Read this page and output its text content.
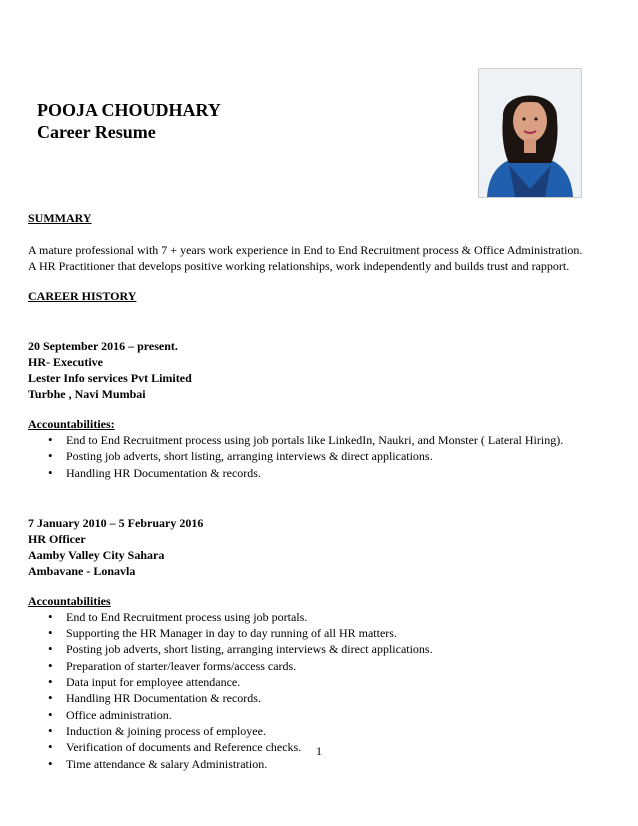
POOJA CHOUDHARY
Career Resume
SUMMARY
A mature professional with 7 + years work experience in End to End Recruitment process & Office Administration.
A HR Practitioner that develops positive working relationships, work independently and builds trust and rapport.
CAREER HISTORY
20 September 2016 – present.
HR- Executive
Lester Info services Pvt Limited
Turbhe , Navi Mumbai
Accountabilities:
• End to End Recruitment process using job portals like LinkedIn, Naukri, and Monster ( Lateral Hiring).
• Posting job adverts, short listing, arranging interviews & direct applications.
• Handling HR Documentation & records.
7 January 2010 – 5 February 2016
HR Officer
Aamby Valley City Sahara
Ambavane - Lonavla
Accountabilities
• End to End Recruitment process using job portals.
• Supporting the HR Manager in day to day running of all HR matters.
• Posting job adverts, short listing, arranging interviews & direct applications.
• Preparation of starter/leaver forms/access cards.
• Data input for employee attendance.
• Handling HR Documentation & records.
• Office administration.
• Induction & joining process of employee.
• Verification of documents and Reference checks.
• Time attendance & salary Administration.
1
